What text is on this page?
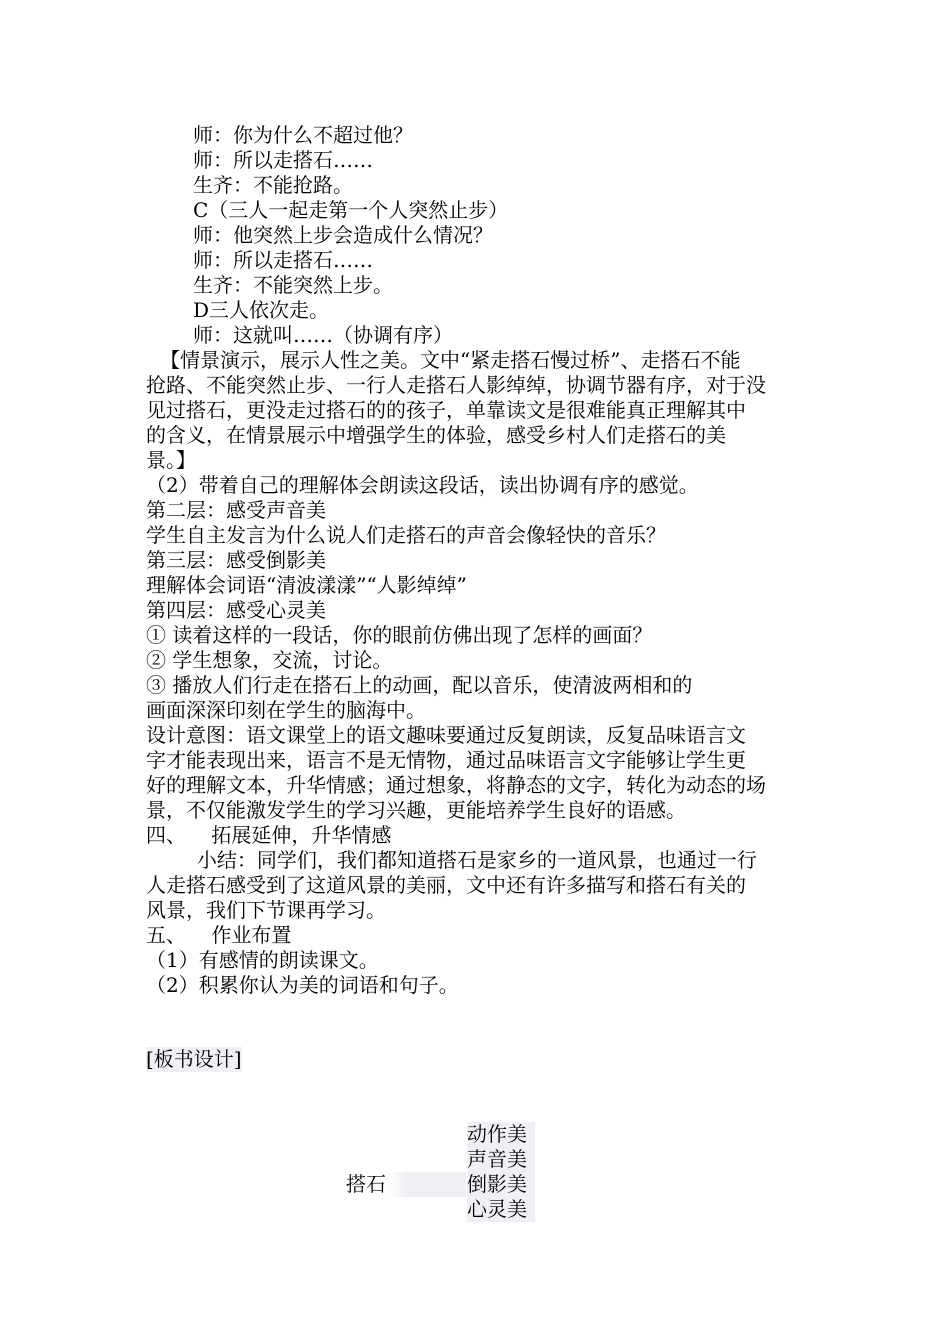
师：你为什么不超过他？
师：所以走搭石……
生齐：不能抢路。
C（三人一起走第一个人突然止步）
师：他突然上步会造成什么情况？
师：所以走搭石……
生齐：不能突然上步。
D三人依次走。
师：这就叫……（协调有序）
【情景演示，展示人性之美。文中“紧走搭石慢过桥”、走搭石不能
抢路、不能突然止步、一行人走搭石人影绰绰，协调节器有序，对于没
见过搭石，更没走过搭石的的孩子，单靠读文是很难能真正理解其中
的含义，在情景展示中增强学生的体验，感受乡村人们走搭石的美
景。】
（2）带着自己的理解体会朗读这段话，读出协调有序的感觉。
第二层：感受声音美
学生自主发言为什么说人们走搭石的声音会像轻快的音乐？
第三层：感受倒影美
理解体会词语“清波漾漾”“人影绰绰”
第四层：感受心灵美
① 读着这样的一段话，你的眼前仿佛出现了怎样的画面？
② 学生想象，交流，讨论。
③ 播放人们行走在搭石上的动画，配以音乐，使清波两相和的
画面深深印刻在学生的脑海中。
设计意图：语文课堂上的语文趣味要通过反复朗读，反复品味语言文
字才能表现出来，语言不是无情物，通过品味语言文字能够让学生更
好的理解文本，升华情感；通过想象，将静态的文字，转化为动态的场
景，不仅能激发学生的学习兴趣，更能培养学生良好的语感。
四、    拓展延伸，升华情感
小结：同学们，我们都知道搭石是家乡的一道风景，也通过一行
人走搭石感受到了这道风景的美丽，文中还有许多描写和搭石有关的
风景，我们下节课再学习。
五、    作业布置
（1）有感情的朗读课文。
（2）积累你认为美的词语和句子。
[板书设计]
动作美
声音美
搭石	倒影美
心灵美
